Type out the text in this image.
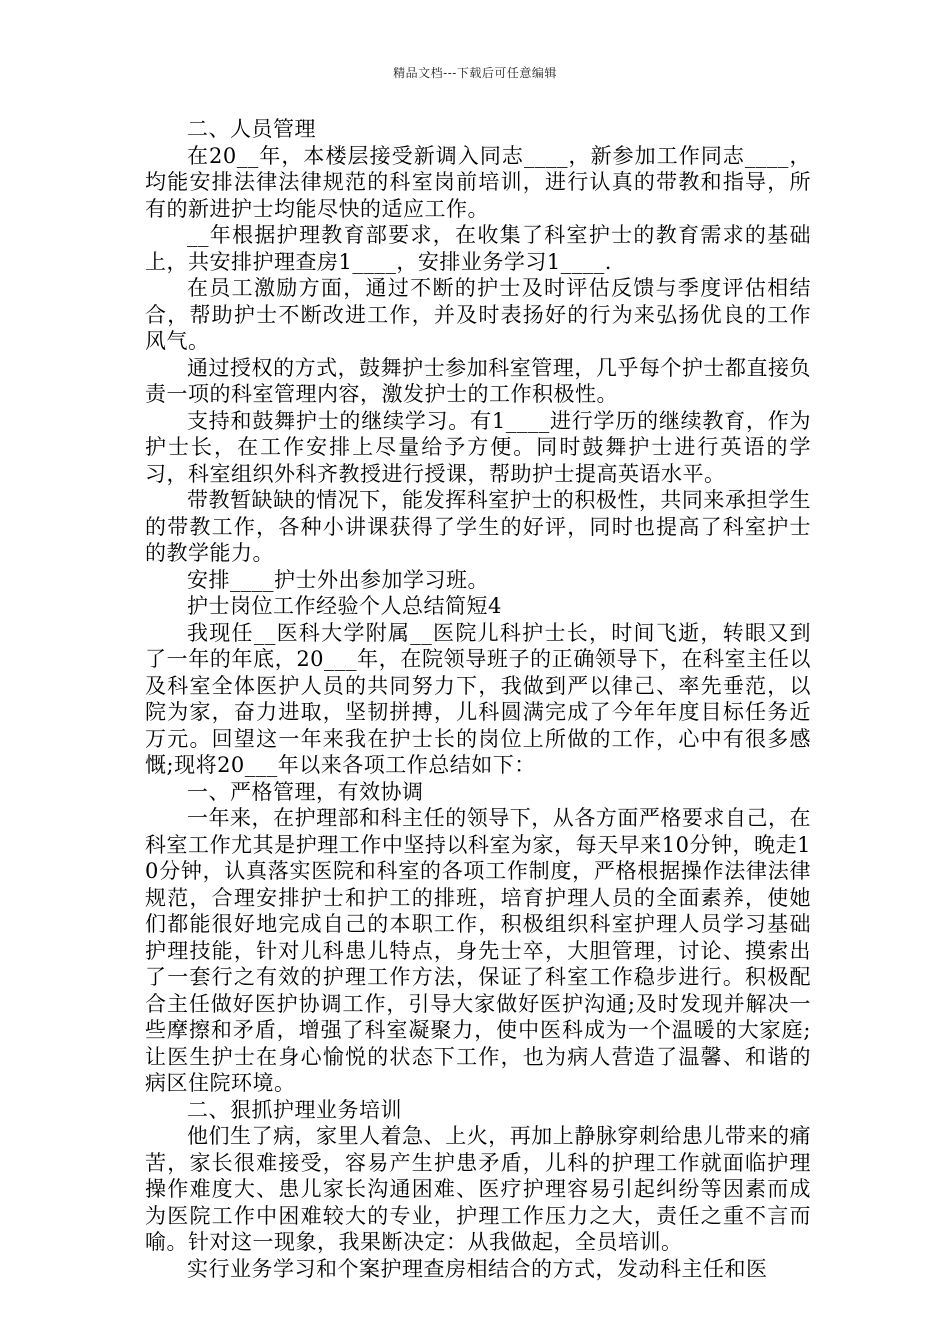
精品文档---下载后可任意编辑

二、人员管理

在20__年，本楼层接受新调入同志____，新参加工作同志____，均能安排法律法律规范的科室岗前培训，进行认真的带教和指导，所有的新进护士均能尽快的适应工作。

__年根据护理教育部要求，在收集了科室护士的教育需求的基础上，共安排护理查房1____，安排业务学习1____.

在员工激励方面，通过不断的护士及时评估反馈与季度评估相结合，帮助护士不断改进工作，并及时表扬好的行为来弘扬优良的工作风气。

通过授权的方式，鼓舞护士参加科室管理，几乎每个护士都直接负责一项的科室管理内容，激发护士的工作积极性。

支持和鼓舞护士的继续学习。有1____进行学历的继续教育，作为护士长，在工作安排上尽量给予方便。同时鼓舞护士进行英语的学习，科室组织外科齐教授进行授课，帮助护士提高英语水平。

带教暂缺缺的情况下，能发挥科室护士的积极性，共同来承担学生的带教工作，各种小讲课获得了学生的好评，同时也提高了科室护士的教学能力。

安排____护士外出参加学习班。

护士岗位工作经验个人总结简短4

我现任__医科大学附属__医院儿科护士长，时间飞逝，转眼又到了一年的年底，20___年，在院领导班子的正确领导下，在科室主任以及科室全体医护人员的共同努力下，我做到严以律己、率先垂范，以院为家，奋力进取，坚韧拼搏，儿科圆满完成了今年年度目标任务近万元。回望这一年来我在护士长的岗位上所做的工作，心中有很多感慨;现将20___年以来各项工作总结如下：

一、严格管理，有效协调

一年来，在护理部和科主任的领导下，从各方面严格要求自己，在科室工作尤其是护理工作中坚持以科室为家，每天早来10分钟，晚走10分钟，认真落实医院和科室的各项工作制度，严格根据操作法律法律规范，合理安排护士和护工的排班，培育护理人员的全面素养，使她们都能很好地完成自己的本职工作，积极组织科室护理人员学习基础护理技能，针对儿科患儿特点，身先士卒，大胆管理，讨论、摸索出了一套行之有效的护理工作方法，保证了科室工作稳步进行。积极配合主任做好医护协调工作，引导大家做好医护沟通;及时发现并解决一些摩擦和矛盾，增强了科室凝聚力，使中医科成为一个温暖的大家庭;让医生护士在身心愉悦的状态下工作，也为病人营造了温馨、和谐的病区住院环境。

二、狠抓护理业务培训

他们生了病，家里人着急、上火，再加上静脉穿刺给患儿带来的痛苦，家长很难接受，容易产生护患矛盾，儿科的护理工作就面临护理操作难度大、患儿家长沟通困难、医疗护理容易引起纠纷等因素而成为医院工作中困难较大的专业，护理工作压力之大，责任之重不言而喻。针对这一现象，我果断决定：从我做起，全员培训。

实行业务学习和个案护理查房相结合的方式，发动科主任和医
